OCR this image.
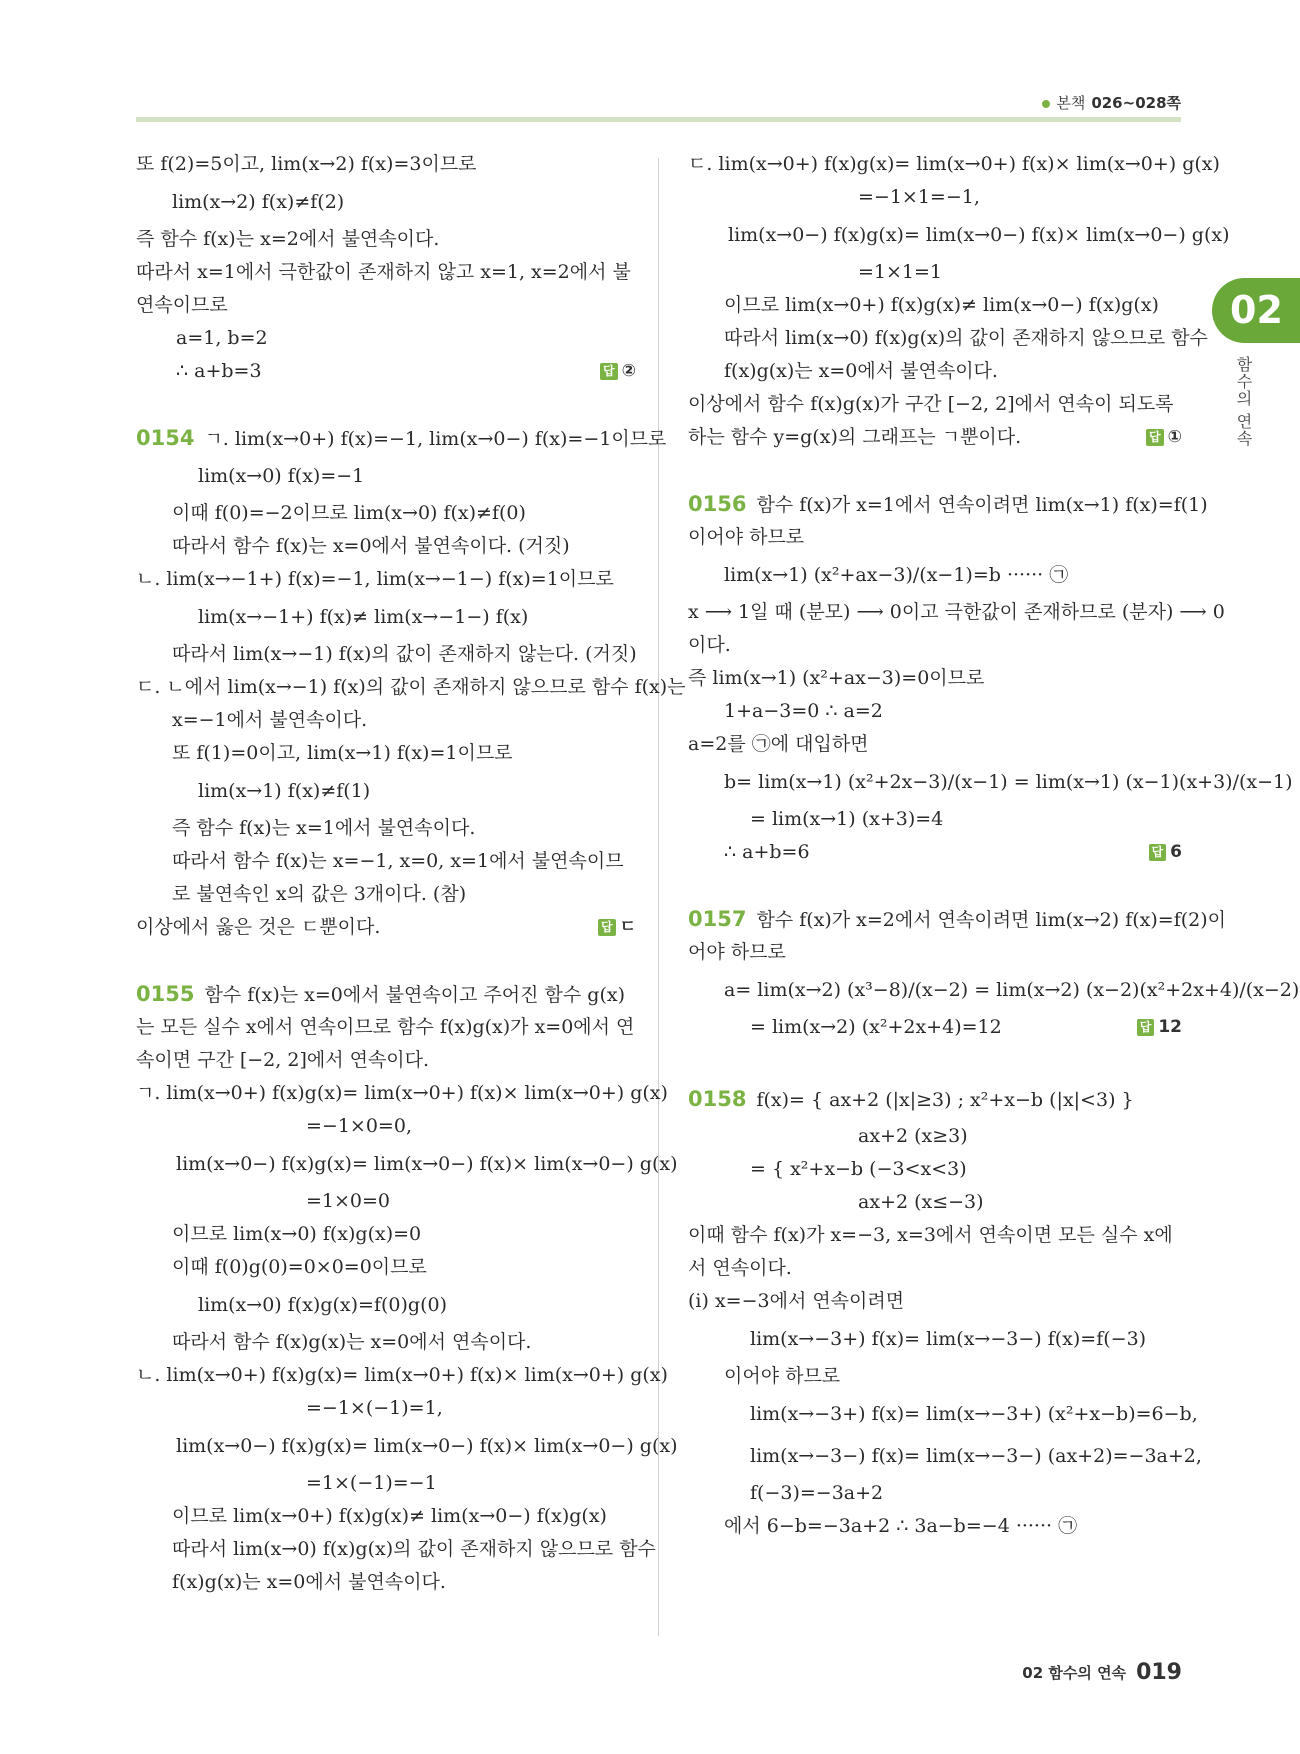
본책 026~028쪽
02
함수의 연속
또 f(2)=5이고, lim(x→2) f(x)=3이므로
lim(x→2) f(x)≠f(2)
즉 함수 f(x)는 x=2에서 불연속이다.
따라서 x=1에서 극한값이 존재하지 않고 x=1, x=2에서 불
연속이므로
a=1, b=2
∴ a+b=3	답 ②
0154 ㄱ. lim(x→0+) f(x)=−1, lim(x→0−) f(x)=−1이므로
lim(x→0) f(x)=−1
이때 f(0)=−2이므로 lim(x→0) f(x)≠f(0)
따라서 함수 f(x)는 x=0에서 불연속이다. (거짓)
ㄴ. lim(x→−1+) f(x)=−1, lim(x→−1−) f(x)=1이므로
lim(x→−1+) f(x)≠ lim(x→−1−) f(x)
따라서 lim(x→−1) f(x)의 값이 존재하지 않는다. (거짓)
ㄷ. ㄴ에서 lim(x→−1) f(x)의 값이 존재하지 않으므로 함수 f(x)는
x=−1에서 불연속이다.
또 f(1)=0이고, lim(x→1) f(x)=1이므로
lim(x→1) f(x)≠f(1)
즉 함수 f(x)는 x=1에서 불연속이다.
따라서 함수 f(x)는 x=−1, x=0, x=1에서 불연속이므
로 불연속인 x의 값은 3개이다. (참)
이상에서 옳은 것은 ㄷ뿐이다.	답 ㄷ
0155 함수 f(x)는 x=0에서 불연속이고 주어진 함수 g(x)
는 모든 실수 x에서 연속이므로 함수 f(x)g(x)가 x=0에서 연
속이면 구간 [−2, 2]에서 연속이다.
ㄱ. lim(x→0+) f(x)g(x)= lim(x→0+) f(x)× lim(x→0+) g(x)
=−1×0=0,
lim(x→0−) f(x)g(x)= lim(x→0−) f(x)× lim(x→0−) g(x)
=1×0=0
이므로 lim(x→0) f(x)g(x)=0
이때 f(0)g(0)=0×0=0이므로
lim(x→0) f(x)g(x)=f(0)g(0)
따라서 함수 f(x)g(x)는 x=0에서 연속이다.
ㄴ. lim(x→0+) f(x)g(x)= lim(x→0+) f(x)× lim(x→0+) g(x)
=−1×(−1)=1,
lim(x→0−) f(x)g(x)= lim(x→0−) f(x)× lim(x→0−) g(x)
=1×(−1)=−1
이므로 lim(x→0+) f(x)g(x)≠ lim(x→0−) f(x)g(x)
따라서 lim(x→0) f(x)g(x)의 값이 존재하지 않으므로 함수
f(x)g(x)는 x=0에서 불연속이다.
ㄷ. lim(x→0+) f(x)g(x)= lim(x→0+) f(x)× lim(x→0+) g(x)
=−1×1=−1,
lim(x→0−) f(x)g(x)= lim(x→0−) f(x)× lim(x→0−) g(x)
=1×1=1
이므로 lim(x→0+) f(x)g(x)≠ lim(x→0−) f(x)g(x)
따라서 lim(x→0) f(x)g(x)의 값이 존재하지 않으므로 함수
f(x)g(x)는 x=0에서 불연속이다.
이상에서 함수 f(x)g(x)가 구간 [−2, 2]에서 연속이 되도록
하는 함수 y=g(x)의 그래프는 ㄱ뿐이다.	답 ①
0156 함수 f(x)가 x=1에서 연속이려면 lim(x→1) f(x)=f(1)
이어야 하므로
lim(x→1) (x²+ax−3)/(x−1)=b ······ ㉠
x ⟶ 1일 때 (분모) ⟶ 0이고 극한값이 존재하므로 (분자) ⟶ 0
이다.
즉 lim(x→1) (x²+ax−3)=0이므로
1+a−3=0 ∴ a=2
a=2를 ㉠에 대입하면
b= lim(x→1) (x²+2x−3)/(x−1) = lim(x→1) (x−1)(x+3)/(x−1)
= lim(x→1) (x+3)=4
∴ a+b=6	답 6
0157 함수 f(x)가 x=2에서 연속이려면 lim(x→2) f(x)=f(2)이
어야 하므로
a= lim(x→2) (x³−8)/(x−2) = lim(x→2) (x−2)(x²+2x+4)/(x−2)
= lim(x→2) (x²+2x+4)=12	답 12
0158 f(x)= { ax+2 (|x|≥3) ; x²+x−b (|x|<3) }
ax+2 (x≥3)
= { x²+x−b (−3<x<3)
ax+2 (x≤−3)
이때 함수 f(x)가 x=−3, x=3에서 연속이면 모든 실수 x에
서 연속이다.
(ⅰ) x=−3에서 연속이려면
lim(x→−3+) f(x)= lim(x→−3−) f(x)=f(−3)
이어야 하므로
lim(x→−3+) f(x)= lim(x→−3+) (x²+x−b)=6−b,
lim(x→−3−) f(x)= lim(x→−3−) (ax+2)=−3a+2,
f(−3)=−3a+2
에서 6−b=−3a+2 ∴ 3a−b=−4 ······ ㉠
02 함수의 연속 019
